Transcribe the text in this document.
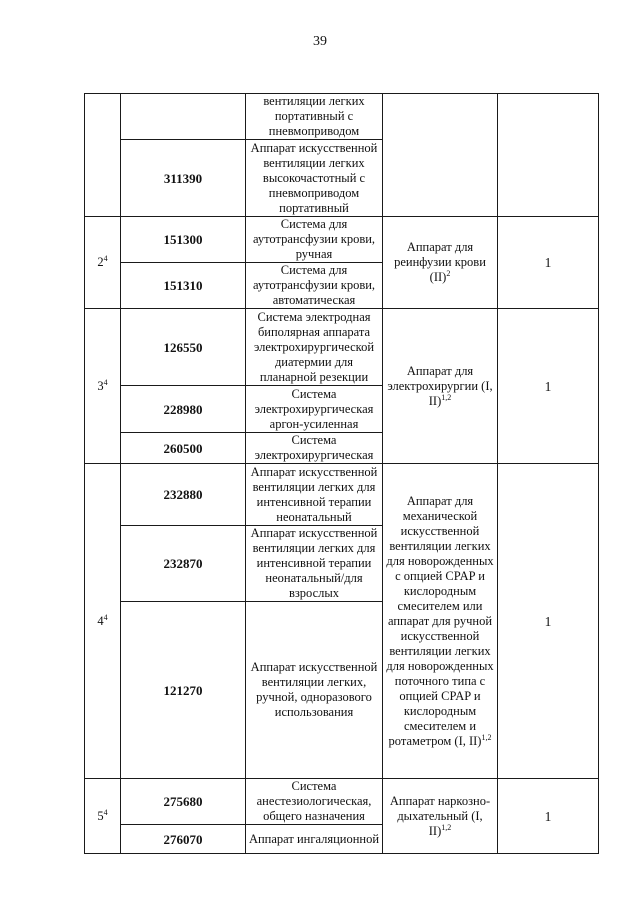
39
		вентиляции легких портативный с пневмоприводом		
	311390	Аппарат искусственной вентиляции легких высокочастотный с пневмоприводом портативный		
$2^4$	151300	Система для аутотрансфузии крови, ручная	Аппарат для реинфузии крови (II)$^2$	1
	151310	Система для аутотрансфузии крови, автоматическая		
$3^4$	126550	Система электродная биполярная аппарата электрохирургической диатермии для планарной резекции	Аппарат для электрохирургии (I, II)$^{1,2}$	1
	228980	Система электрохирургическая аргон-усиленная		
	260500	Система электрохирургическая		
$4^4$	232880	Аппарат искусственной вентиляции легких для интенсивной терапии неонатальный	Аппарат для механической искусственной вентиляции легких для новорожденных с опцией CPAP и кислородным смесителем или аппарат для ручной искусственной вентиляции легких для новорожденных поточного типа с опцией CPAP и кислородным смесителем и ротаметром (I, II)$^{1,2}$	1
	232870	Аппарат искусственной вентиляции легких для интенсивной терапии неонатальный/для взрослых		
	121270	Аппарат искусственной вентиляции легких, ручной, одноразового использования		
$5^4$	275680	Система анестезиологическая, общего назначения	Аппарат наркозно-дыхательный (I, II)$^{1,2}$	1
	276070	Аппарат ингаляционной		
